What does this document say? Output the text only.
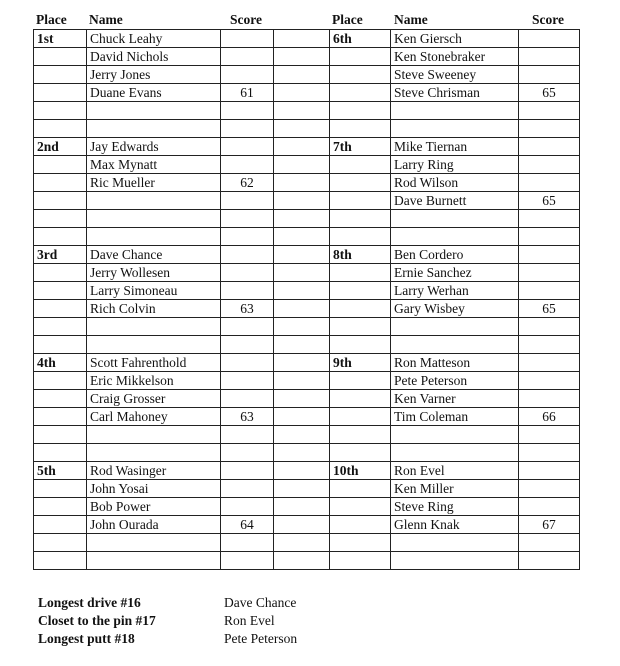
Place Name	Score	Place Name	Score
1st	Chuck Leahy			6th	Ken Giersch	
	David Nichols				Ken Stonebraker	
	Jerry Jones				Steve Sweeney	
	Duane Evans	61			Steve Chrisman	65

2nd	Jay Edwards			7th	Mike Tiernan	
	Max Mynatt				Larry Ring	
	Ric Mueller	62			Rod Wilson	
					Dave Burnett	65

3rd	Dave Chance			8th	Ben Cordero	
	Jerry Wollesen				Ernie Sanchez	
	Larry Simoneau				Larry Werhan	
	Rich Colvin	63			Gary Wisbey	65

4th	Scott Fahrenthold			9th	Ron Matteson	
	Eric Mikkelson				Pete Peterson	
	Craig Grosser				Ken Varner	
	Carl Mahoney	63			Tim Coleman	66

5th	Rod Wasinger			10th	Ron Evel	
	John Yosai				Ken Miller	
	Bob Power				Steve Ring	
	John Ourada	64			Glenn Knak	67

Longest drive #16	Dave Chance
Closet to the pin #17	Ron Evel
Longest putt #18	Pete Peterson
